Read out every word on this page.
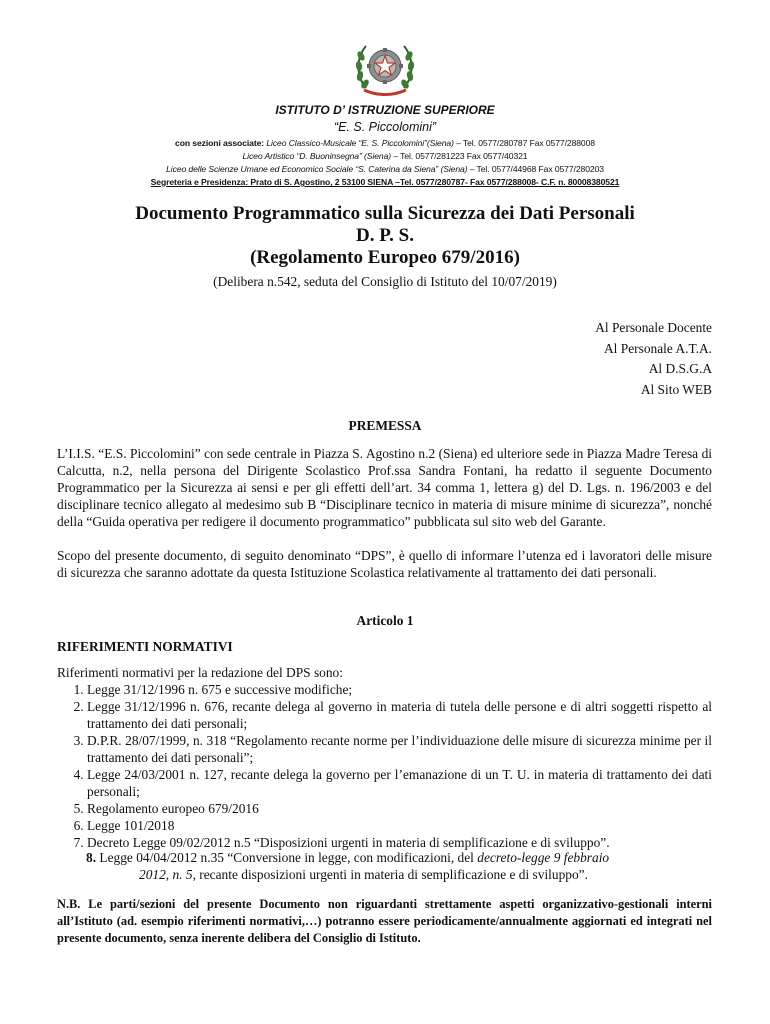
ISTITUTO D’ ISTRUZIONE SUPERIORE
“E. S. Piccolomini”
con sezioni associate: Liceo Classico-Musicale “E. S. Piccolomini”(Siena) – Tel. 0577/280787 Fax 0577/288008
Liceo Artistico “D. Buoninsegna” (Siena) – Tel. 0577/281223 Fax 0577/40321
Liceo delle Scienze Umane ed Economico Sociale “S. Caterina da Siena” (Siena) – Tel. 0577/44968 Fax 0577/280203
Segreteria e Presidenza: Prato di S. Agostino, 2 53100 SIENA –Tel. 0577/280787- Fax 0577/288008- C.F. n. 80008380521
Documento Programmatico sulla Sicurezza dei Dati Personali
D. P. S.
(Regolamento Europeo 679/2016)
(Delibera n.542, seduta del Consiglio di Istituto del 10/07/2019)
Al Personale Docente
Al Personale A.T.A.
Al D.S.G.A
Al Sito WEB
PREMESSA
L’I.I.S. “E.S. Piccolomini” con sede centrale in Piazza S. Agostino n.2 (Siena) ed ulteriore sede in Piazza Madre Teresa di Calcutta, n.2, nella persona del Dirigente Scolastico Prof.ssa Sandra Fontani, ha redatto il seguente Documento Programmatico per la Sicurezza ai sensi e per gli effetti dell’art. 34 comma 1, lettera g) del D. Lgs. n. 196/2003 e del disciplinare tecnico allegato al medesimo sub B “Disciplinare tecnico in materia di misure minime di sicurezza”, nonché della “Guida operativa per redigere il documento programmatico” pubblicata sul sito web del Garante.
Scopo del presente documento, di seguito denominato “DPS”, è quello di informare l’utenza ed i lavoratori delle misure di sicurezza che saranno adottate da questa Istituzione Scolastica relativamente al trattamento dei dati personali.
Articolo 1
RIFERIMENTI NORMATIVI
Riferimenti normativi per la redazione del DPS sono:
1. Legge 31/12/1996 n. 675 e successive modifiche;
2. Legge 31/12/1996 n. 676, recante delega al governo in materia di tutela delle persone e di altri soggetti rispetto al trattamento dei dati personali;
3. D.P.R. 28/07/1999, n. 318 “Regolamento recante norme per l’individuazione delle misure di sicurezza minime per il trattamento dei dati personali”;
4. Legge 24/03/2001 n. 127, recante delega la governo per l’emanazione di un T. U. in materia di trattamento dei dati personali;
5. Regolamento europeo 679/2016
6. Legge 101/2018
7. Decreto Legge 09/02/2012 n.5 “Disposizioni urgenti in materia di semplificazione e di sviluppo”.
8. Legge 04/04/2012 n.35 “Conversione in legge, con modificazioni, del decreto-legge 9 febbraio
2012, n. 5, recante disposizioni urgenti in materia di semplificazione e di sviluppo”.
N.B. Le parti/sezioni del presente Documento non riguardanti strettamente aspetti organizzativo-gestionali interni all’Istituto (ad. esempio riferimenti normativi,…) potranno essere periodicamente/annualmente aggiornati ed integrati nel presente documento, senza inerente delibera del Consiglio di Istituto.
